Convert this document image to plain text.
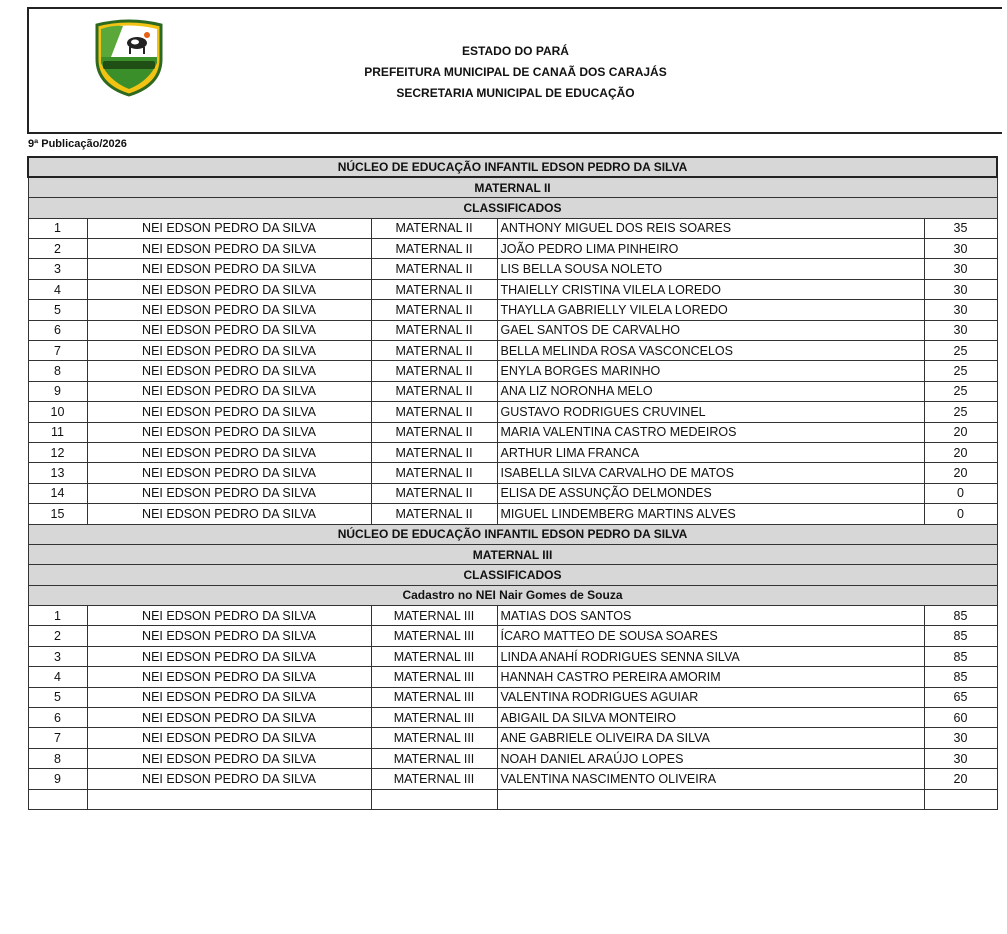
ESTADO DO PARÁ
PREFEITURA MUNICIPAL DE CANAÃ DOS CARAJÁS
SECRETARIA MUNICIPAL DE EDUCAÇÃO
9ª Publicação/2026
NÚCLEO DE EDUCAÇÃO INFANTIL EDSON PEDRO DA SILVA				
MATERNAL II				
CLASSIFICADOS				
1	NEI EDSON PEDRO DA SILVA	MATERNAL II	ANTHONY MIGUEL DOS REIS SOARES	35
2	NEI EDSON PEDRO DA SILVA	MATERNAL II	JOÃO PEDRO LIMA PINHEIRO	30
3	NEI EDSON PEDRO DA SILVA	MATERNAL II	LIS BELLA SOUSA NOLETO	30
4	NEI EDSON PEDRO DA SILVA	MATERNAL II	THAIELLY CRISTINA VILELA LOREDO	30
5	NEI EDSON PEDRO DA SILVA	MATERNAL II	THAYLLA GABRIELLY VILELA LOREDO	30
6	NEI EDSON PEDRO DA SILVA	MATERNAL II	GAEL SANTOS DE CARVALHO	30
7	NEI EDSON PEDRO DA SILVA	MATERNAL II	BELLA MELINDA ROSA VASCONCELOS	25
8	NEI EDSON PEDRO DA SILVA	MATERNAL II	ENYLA BORGES MARINHO	25
9	NEI EDSON PEDRO DA SILVA	MATERNAL II	ANA LIZ NORONHA MELO	25
10	NEI EDSON PEDRO DA SILVA	MATERNAL II	GUSTAVO RODRIGUES CRUVINEL	25
11	NEI EDSON PEDRO DA SILVA	MATERNAL II	MARIA VALENTINA CASTRO MEDEIROS	20
12	NEI EDSON PEDRO DA SILVA	MATERNAL II	ARTHUR LIMA FRANCA	20
13	NEI EDSON PEDRO DA SILVA	MATERNAL II	ISABELLA SILVA CARVALHO DE MATOS	20
14	NEI EDSON PEDRO DA SILVA	MATERNAL II	ELISA DE ASSUNÇÃO DELMONDES	0
15	NEI EDSON PEDRO DA SILVA	MATERNAL II	MIGUEL LINDEMBERG MARTINS ALVES	0
NÚCLEO DE EDUCAÇÃO INFANTIL EDSON PEDRO DA SILVA				
MATERNAL III				
CLASSIFICADOS				
Cadastro no NEI Nair Gomes de Souza				
1	NEI EDSON PEDRO DA SILVA	MATERNAL III	MATIAS DOS SANTOS	85
2	NEI EDSON PEDRO DA SILVA	MATERNAL III	ÍCARO MATTEO DE SOUSA SOARES	85
3	NEI EDSON PEDRO DA SILVA	MATERNAL III	LINDA ANAHÍ RODRIGUES SENNA SILVA	85
4	NEI EDSON PEDRO DA SILVA	MATERNAL III	HANNAH CASTRO PEREIRA AMORIM	85
5	NEI EDSON PEDRO DA SILVA	MATERNAL III	VALENTINA RODRIGUES AGUIAR	65
6	NEI EDSON PEDRO DA SILVA	MATERNAL III	ABIGAIL DA SILVA MONTEIRO	60
7	NEI EDSON PEDRO DA SILVA	MATERNAL III	ANE GABRIELE OLIVEIRA DA SILVA	30
8	NEI EDSON PEDRO DA SILVA	MATERNAL III	NOAH DANIEL ARAÚJO LOPES	30
9	NEI EDSON PEDRO DA SILVA	MATERNAL III	VALENTINA NASCIMENTO OLIVEIRA	20
